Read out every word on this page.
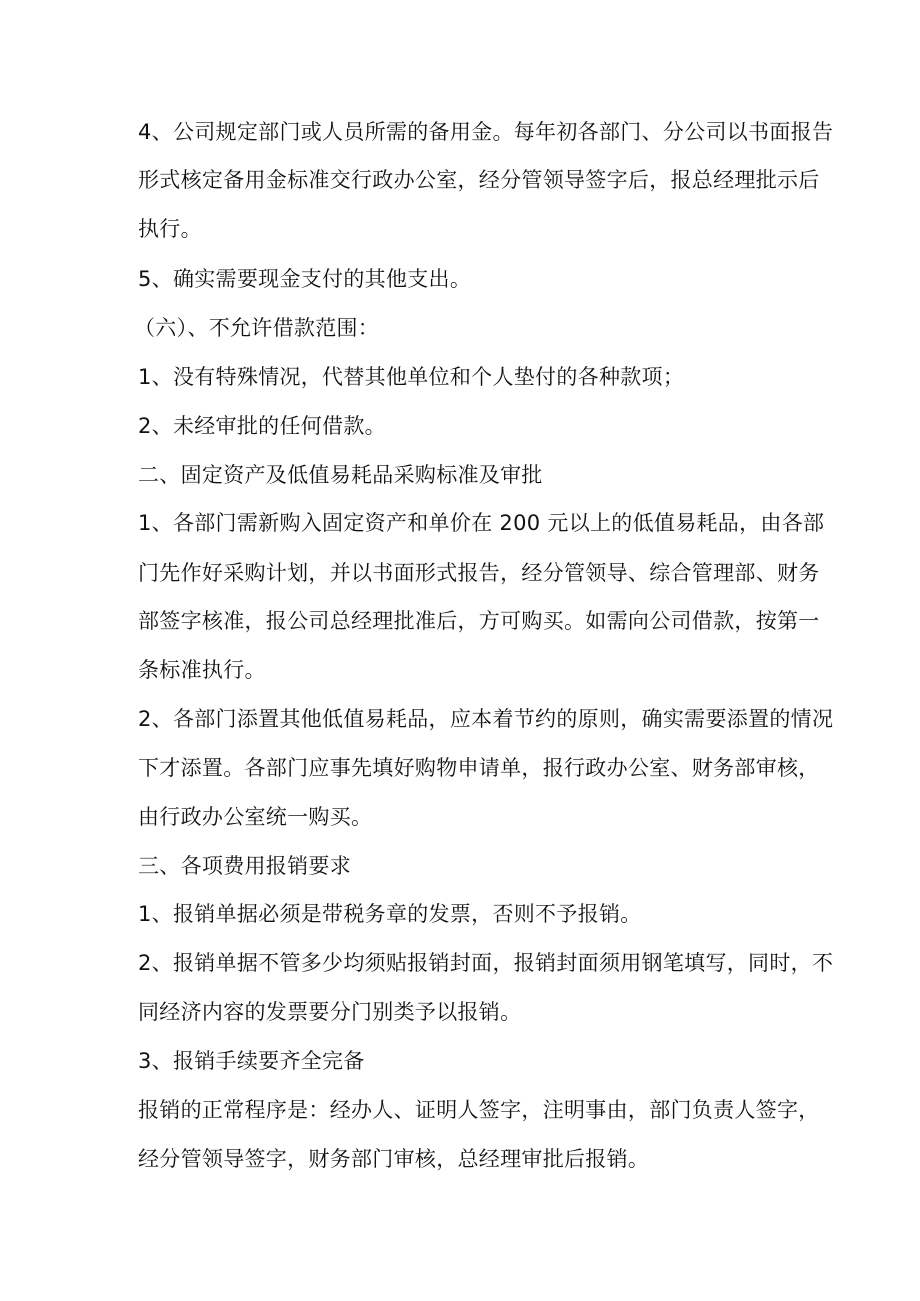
4、公司规定部门或人员所需的备用金。每年初各部门、分公司以书面报告
形式核定备用金标准交行政办公室，经分管领导签字后，报总经理批示后
执行。
5、确实需要现金支付的其他支出。
（六）、不允许借款范围：
1、没有特殊情况，代替其他单位和个人垫付的各种款项；
2、未经审批的任何借款。
二、固定资产及低值易耗品采购标准及审批
1、各部门需新购入固定资产和单价在 200 元以上的低值易耗品，由各部
门先作好采购计划，并以书面形式报告，经分管领导、综合管理部、财务
部签字核准，报公司总经理批准后，方可购买。如需向公司借款，按第一
条标准执行。
2、各部门添置其他低值易耗品，应本着节约的原则，确实需要添置的情况
下才添置。各部门应事先填好购物申请单，报行政办公室、财务部审核，
由行政办公室统一购买。
三、各项费用报销要求
1、报销单据必须是带税务章的发票，否则不予报销。
2、报销单据不管多少均须贴报销封面，报销封面须用钢笔填写，同时，不
同经济内容的发票要分门别类予以报销。
3、报销手续要齐全完备
报销的正常程序是：经办人、证明人签字，注明事由，部门负责人签字，
经分管领导签字，财务部门审核，总经理审批后报销。
